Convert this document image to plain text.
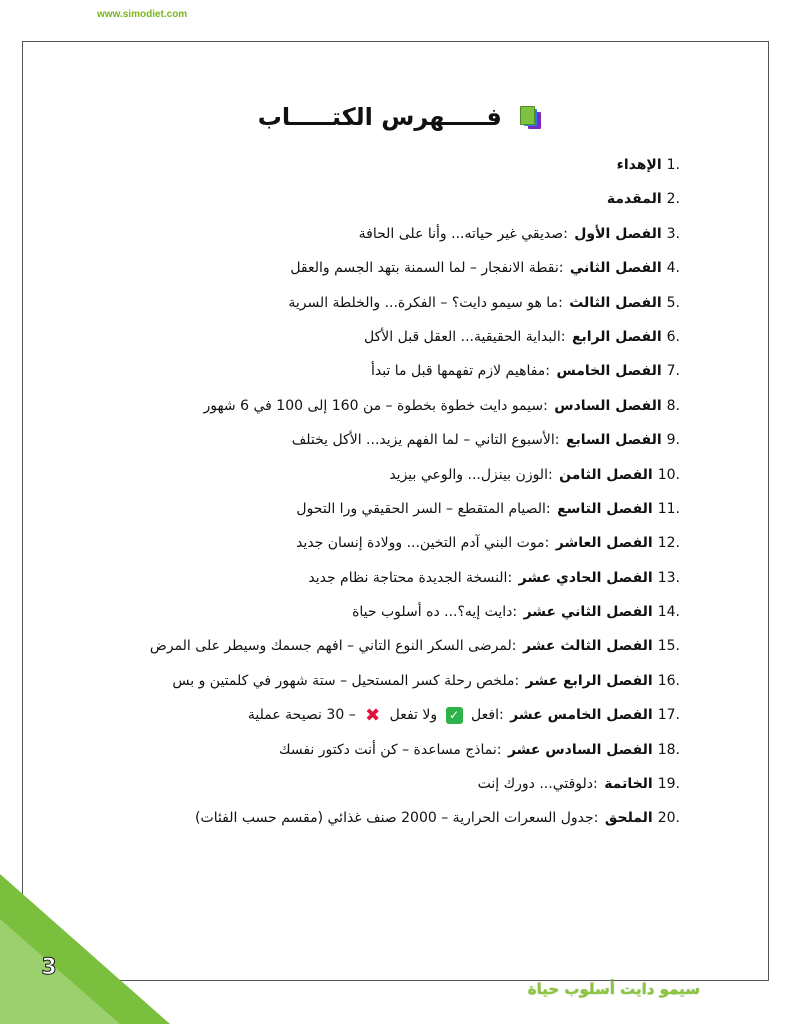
www.simodiet.com
فـــــهرس الكتـــــاب
1.الإهداء
2.المقدمة
3.الفصل الأول :صديقي غير حياته... وأنا على الحافة
4.الفصل الثاني :نقطة الانفجار – لما السمنة بتهد الجسم والعقل
5.الفصل الثالث :ما هو سيمو دايت؟ – الفكرة... والخلطة السرية
6.الفصل الرابع :البداية الحقيقية... العقل قبل الأكل
7.الفصل الخامس :مفاهيم لازم تفهمها قبل ما تبدأ
8.الفصل السادس :سيمو دايت خطوة بخطوة – من 160 إلى 100 في 6 شهور
9.الفصل السابع :الأسبوع التاني – لما الفهم يزيد... الأكل يختلف
10.الفصل الثامن :الوزن بينزل... والوعي بيزيد
11.الفصل التاسع :الصيام المتقطع – السر الحقيقي ورا التحول
12.الفصل العاشر :موت البني آدم التخين... وولادة إنسان جديد
13.الفصل الحادي عشر :النسخة الجديدة محتاجة نظام جديد
14.الفصل الثاني عشر :دايت إيه؟... ده أسلوب حياة
15.الفصل الثالث عشر :لمرضى السكر النوع التاني – افهم جسمك وسيطر على المرض
16.الفصل الرابع عشر :ملخص رحلة كسر المستحيل – ستة شهور في كلمتين و بس
17.الفصل الخامس عشر :افعل ✓ ولا تفعل ✖ – 30 نصيحة عملية
18.الفصل السادس عشر :نماذج مساعدة – كن أنت دكتور نفسك
19.الخاتمة :دلوقتي... دورك إنت
20.الملحق :جدول السعرات الحرارية – 2000 صنف غذائي (مقسم حسب الفئات)
3
سيمو دايت أسلوب حياة
